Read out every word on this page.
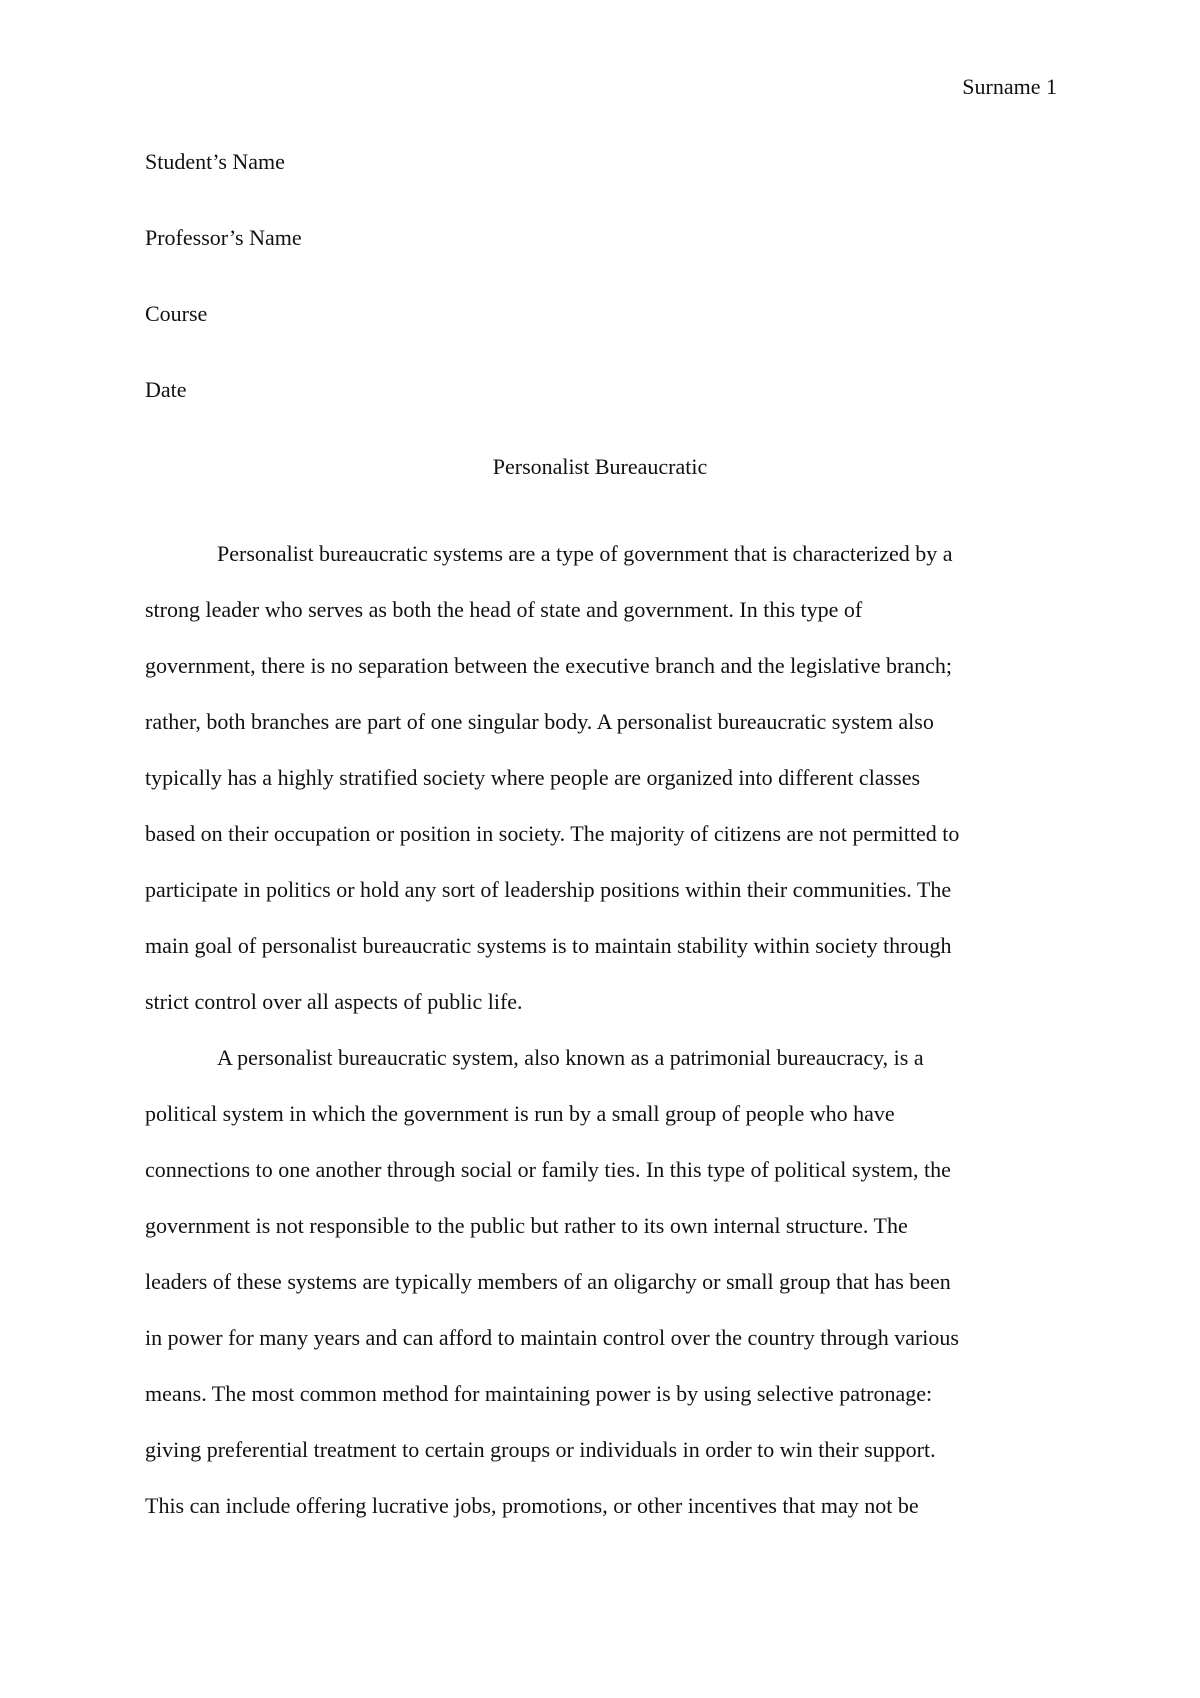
Surname 1
Student’s Name
Professor’s Name
Course
Date
Personalist Bureaucratic
Personalist bureaucratic systems are a type of government that is characterized by a
strong leader who serves as both the head of state and government. In this type of
government, there is no separation between the executive branch and the legislative branch;
rather, both branches are part of one singular body. A personalist bureaucratic system also
typically has a highly stratified society where people are organized into different classes
based on their occupation or position in society. The majority of citizens are not permitted to
participate in politics or hold any sort of leadership positions within their communities. The
main goal of personalist bureaucratic systems is to maintain stability within society through
strict control over all aspects of public life.
A personalist bureaucratic system, also known as a patrimonial bureaucracy, is a
political system in which the government is run by a small group of people who have
connections to one another through social or family ties. In this type of political system, the
government is not responsible to the public but rather to its own internal structure. The
leaders of these systems are typically members of an oligarchy or small group that has been
in power for many years and can afford to maintain control over the country through various
means. The most common method for maintaining power is by using selective patronage:
giving preferential treatment to certain groups or individuals in order to win their support.
This can include offering lucrative jobs, promotions, or other incentives that may not be
